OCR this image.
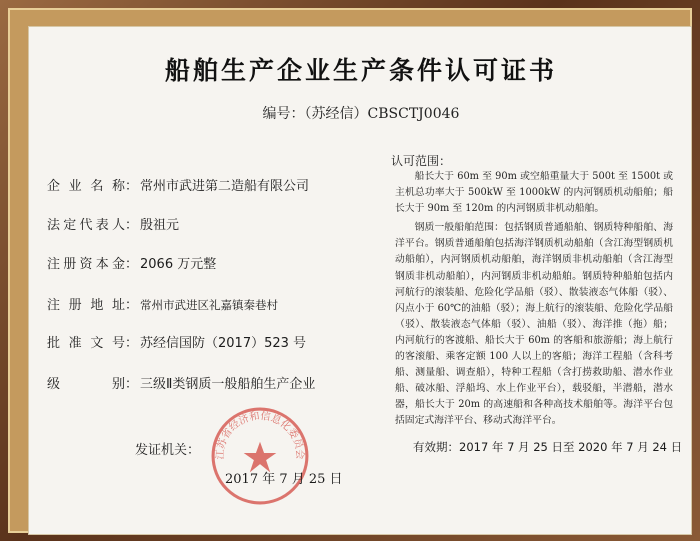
船舶生产企业生产条件认可证书
编号：（苏经信）CBSCTJ0046
企业名称： 常州市武进第二造船有限公司
法定代表人： 殷祖元
注册资本金： 2066 万元整
注册地址： 常州市武进区礼嘉镇秦巷村
批准文号： 苏经信国防（2017）523 号
级别： 三级Ⅱ类钢质一般船舶生产企业
认可范围：

船长大于 60m 至 90m 或空船重量大于 500t 至 1500t 或主机总功率大于 500kW 至 1000kW 的内河钢质机动船舶；船长大于 90m 至 120m 的内河钢质非机动船舶。

钢质一般船舶范围：包括钢质普通船舶、钢质特种船舶、海洋平台。钢质普通船舶包括海洋钢质机动船舶（含江海型钢质机动船舶），内河钢质机动船舶，海洋钢质非机动船舶（含江海型钢质非机动船舶），内河钢质非机动船舶。钢质特种船舶包括内河航行的滚装船、危险化学品船（驳）、散装液态气体船（驳）、闪点小于 60℃的油船（驳）；海上航行的滚装船、危险化学品船（驳）、散装液态气体船（驳）、油船（驳）、海洋推（拖）船；内河航行的客渡船、船长大于 60m 的客船和旅游船；海上航行的客滚船、乘客定额 100 人以上的客船；海洋工程船（含科考船、测量船、调查船），特种工程船（含打捞救助船、潜水作业船、破冰船、浮船坞、水上作业平台），载驳船，半潜船，潜水器，船长大于 20m 的高速船和各种高技术船舶等。海洋平台包括固定式海洋平台、移动式海洋平台。

江苏省经济和信息化委员会
发证机关：
2017 年 7 月 25 日
有效期：2017 年 7 月 25 日至 2020 年 7 月 24 日
